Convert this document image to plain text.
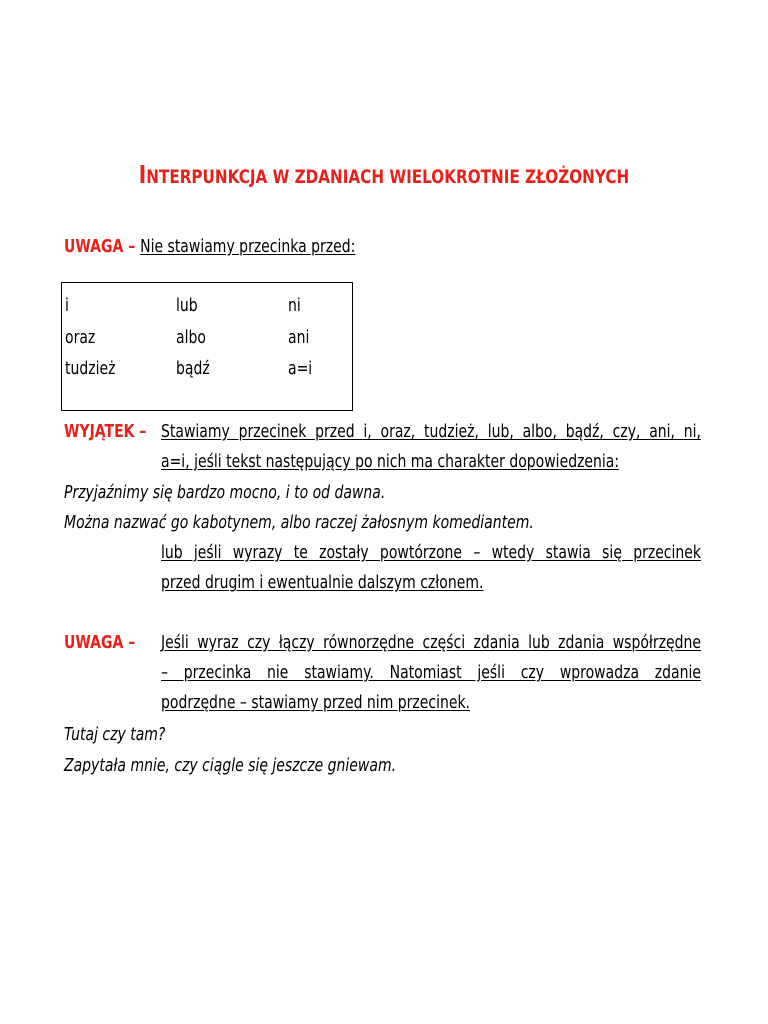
INTERPUNKCJA W ZDANIACH WIELOKROTNIE ZŁOŻONYCH
UWAGA – Nie stawiamy przecinka przed:
i
oraz
tudzież
lub
albo
bądź
ni
ani
a=i
WYJĄTEK – Stawiamy przecinek przed i, oraz, tudzież, lub, albo, bądź, czy, ani, ni,
a=i, jeśli tekst następujący po nich ma charakter dopowiedzenia:
Przyjaźnimy się bardzo mocno, i to od dawna.
Można nazwać go kabotynem, albo raczej żałosnym komediantem.
lub jeśli wyrazy te zostały powtórzone – wtedy stawia się przecinek
przed drugim i ewentualnie dalszym członem.
UWAGA – Jeśli wyraz czy łączy równorzędne części zdania lub zdania współrzędne
– przecinka nie stawiamy. Natomiast jeśli czy wprowadza zdanie
podrzędne – stawiamy przed nim przecinek.
Tutaj czy tam?
Zapytała mnie, czy ciągle się jeszcze gniewam.
